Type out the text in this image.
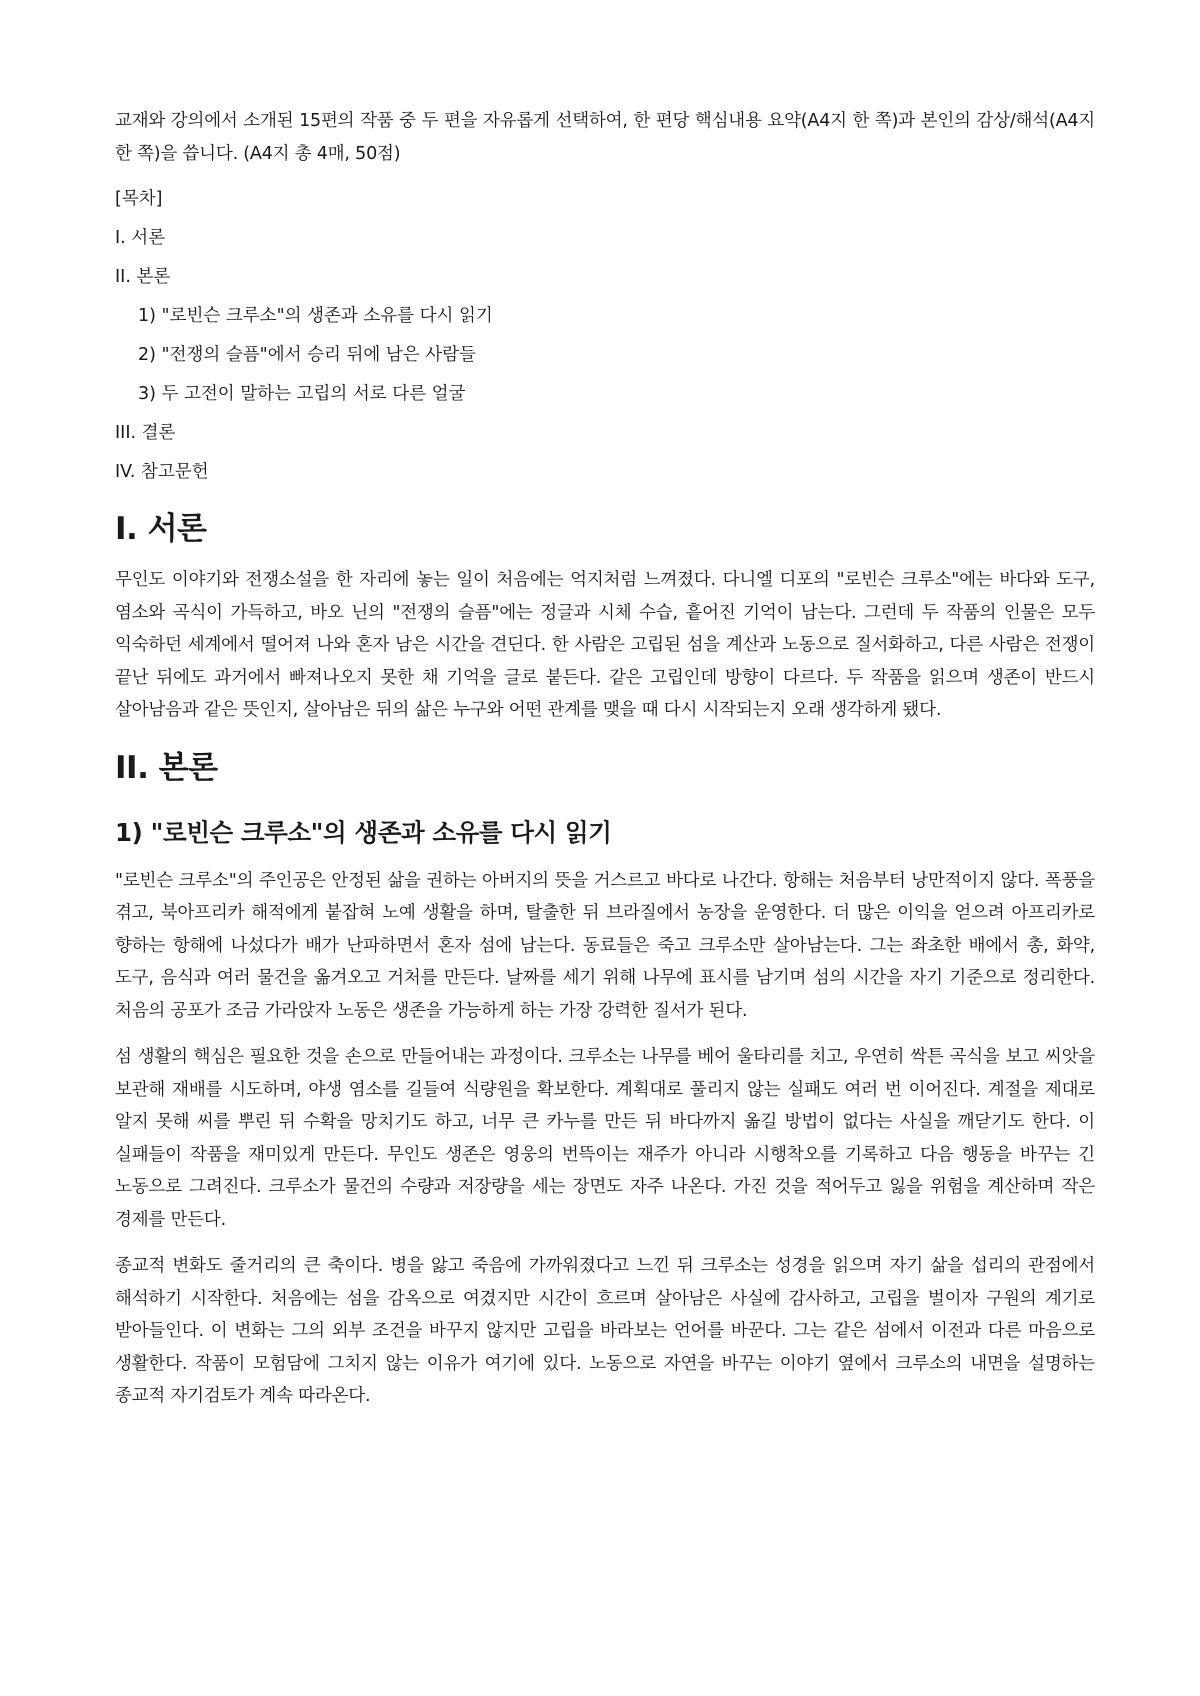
교재와 강의에서 소개된 15편의 작품 중 두 편을 자유롭게 선택하여, 한 편당 핵심내용 요약(A4지 한 쪽)과 본인의 감상/해석(A4지 한 쪽)을 씁니다. (A4지 총 4매, 50점)

[목차]
I. 서론
II. 본론
1) "로빈슨 크루소"의 생존과 소유를 다시 읽기
2) "전쟁의 슬픔"에서 승리 뒤에 남은 사람들
3) 두 고전이 말하는 고립의 서로 다른 얼굴
III. 결론
IV. 참고문헌
I. 서론

무인도 이야기와 전쟁소설을 한 자리에 놓는 일이 처음에는 억지처럼 느껴졌다. 다니엘 디포의 "로빈슨 크루소"에는 바다와 도구, 염소와 곡식이 가득하고, 바오 닌의 "전쟁의 슬픔"에는 정글과 시체 수습, 흩어진 기억이 남는다. 그런데 두 작품의 인물은 모두 익숙하던 세계에서 떨어져 나와 혼자 남은 시간을 견딘다. 한 사람은 고립된 섬을 계산과 노동으로 질서화하고, 다른 사람은 전쟁이 끝난 뒤에도 과거에서 빠져나오지 못한 채 기억을 글로 붙든다. 같은 고립인데 방향이 다르다. 두 작품을 읽으며 생존이 반드시 살아남음과 같은 뜻인지, 살아남은 뒤의 삶은 누구와 어떤 관계를 맺을 때 다시 시작되는지 오래 생각하게 됐다.

II. 본론
1) "로빈슨 크루소"의 생존과 소유를 다시 읽기

"로빈슨 크루소"의 주인공은 안정된 삶을 권하는 아버지의 뜻을 거스르고 바다로 나간다. 항해는 처음부터 낭만적이지 않다. 폭풍을 겪고, 북아프리카 해적에게 붙잡혀 노예 생활을 하며, 탈출한 뒤 브라질에서 농장을 운영한다. 더 많은 이익을 얻으려 아프리카로 향하는 항해에 나섰다가 배가 난파하면서 혼자 섬에 남는다. 동료들은 죽고 크루소만 살아남는다. 그는 좌초한 배에서 총, 화약, 도구, 음식과 여러 물건을 옮겨오고 거처를 만든다. 날짜를 세기 위해 나무에 표시를 남기며 섬의 시간을 자기 기준으로 정리한다. 처음의 공포가 조금 가라앉자 노동은 생존을 가능하게 하는 가장 강력한 질서가 된다.

섬 생활의 핵심은 필요한 것을 손으로 만들어내는 과정이다. 크루소는 나무를 베어 울타리를 치고, 우연히 싹튼 곡식을 보고 씨앗을 보관해 재배를 시도하며, 야생 염소를 길들여 식량원을 확보한다. 계획대로 풀리지 않는 실패도 여러 번 이어진다. 계절을 제대로 알지 못해 씨를 뿌린 뒤 수확을 망치기도 하고, 너무 큰 카누를 만든 뒤 바다까지 옮길 방법이 없다는 사실을 깨닫기도 한다. 이 실패들이 작품을 재미있게 만든다. 무인도 생존은 영웅의 번뜩이는 재주가 아니라 시행착오를 기록하고 다음 행동을 바꾸는 긴 노동으로 그려진다. 크루소가 물건의 수량과 저장량을 세는 장면도 자주 나온다. 가진 것을 적어두고 잃을 위험을 계산하며 작은 경제를 만든다.

종교적 변화도 줄거리의 큰 축이다. 병을 앓고 죽음에 가까워졌다고 느낀 뒤 크루소는 성경을 읽으며 자기 삶을 섭리의 관점에서 해석하기 시작한다. 처음에는 섬을 감옥으로 여겼지만 시간이 흐르며 살아남은 사실에 감사하고, 고립을 벌이자 구원의 계기로 받아들인다. 이 변화는 그의 외부 조건을 바꾸지 않지만 고립을 바라보는 언어를 바꾼다. 그는 같은 섬에서 이전과 다른 마음으로 생활한다. 작품이 모험담에 그치지 않는 이유가 여기에 있다. 노동으로 자연을 바꾸는 이야기 옆에서 크루소의 내면을 설명하는 종교적 자기검토가 계속 따라온다.
